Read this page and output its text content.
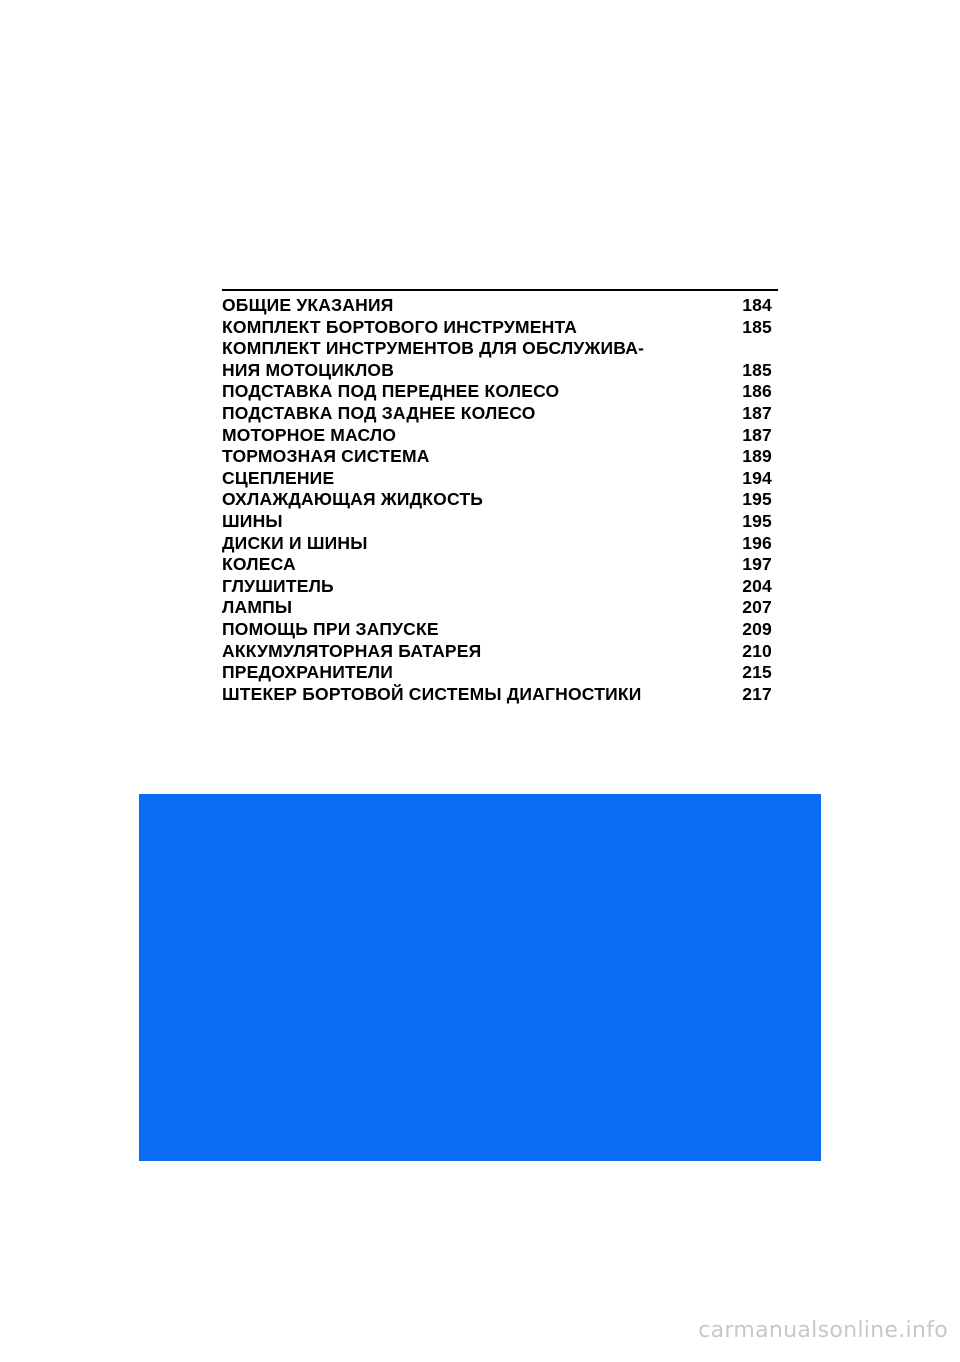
ОБЩИЕ УКАЗАНИЯ	184
КОМПЛЕКТ БОРТОВОГО ИНСТРУМЕНТА	185
КОМПЛЕКТ ИНСТРУМЕНТОВ ДЛЯ ОБСЛУЖИВА-
НИЯ МОТОЦИКЛОВ	185
ПОДСТАВКА ПОД ПЕРЕДНЕЕ КОЛЕСО	186
ПОДСТАВКА ПОД ЗАДНЕЕ КОЛЕСО	187
МОТОРНОЕ МАСЛО	187
ТОРМОЗНАЯ СИСТЕМА	189
СЦЕПЛЕНИЕ	194
ОХЛАЖДАЮЩАЯ ЖИДКОСТЬ	195
ШИНЫ	195
ДИСКИ И ШИНЫ	196
КОЛЕСА	197
ГЛУШИТЕЛЬ	204
ЛАМПЫ	207
ПОМОЩЬ ПРИ ЗАПУСКЕ	209
АККУМУЛЯТОРНАЯ БАТАРЕЯ	210
ПРЕДОХРАНИТЕЛИ	215
ШТЕКЕР БОРТОВОЙ СИСТЕМЫ ДИАГНОСТИКИ	217
carmanualsonline.info
